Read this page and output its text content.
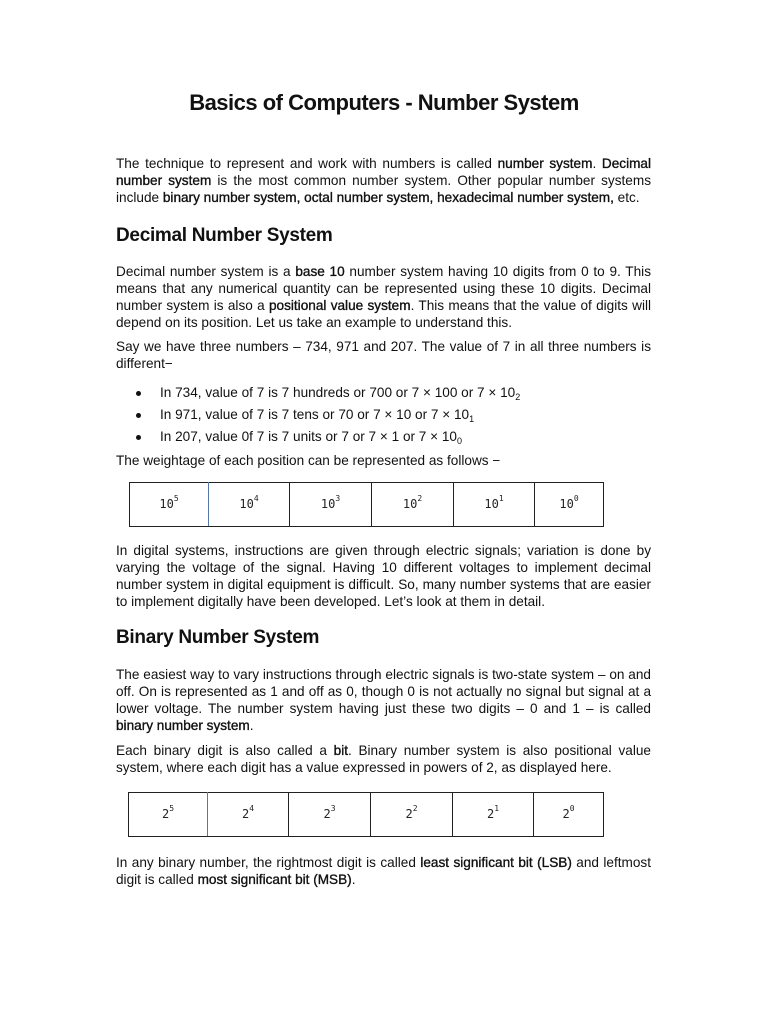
Basics of Computers - Number System

The technique to represent and work with numbers is called number system. Decimal number system is the most common number system. Other popular number systems include binary number system, octal number system, hexadecimal number system, etc.

Decimal Number System

Decimal number system is a base 10 number system having 10 digits from 0 to 9. This means that any numerical quantity can be represented using these 10 digits. Decimal number system is also a positional value system. This means that the value of digits will depend on its position. Let us take an example to understand this.

Say we have three numbers – 734, 971 and 207. The value of 7 in all three numbers is different−

In 734, value of 7 is 7 hundreds or 700 or 7 × 100 or $7 \times 10_2$
In 971, value of 7 is 7 tens or 70 or 7 × 10 or $7 \times 10_1$
In 207, value 0f 7 is 7 units or 7 or 7 × 1 or $7 \times 10_0$

The weightage of each position can be represented as follows −

$10^5$	$10^4$	$10^3$	$10^2$	$10^1$	$10^0$

In digital systems, instructions are given through electric signals; variation is done by varying the voltage of the signal. Having 10 different voltages to implement decimal number system in digital equipment is difficult. So, many number systems that are easier to implement digitally have been developed. Let’s look at them in detail.

Binary Number System

The easiest way to vary instructions through electric signals is two-state system – on and off. On is represented as 1 and off as 0, though 0 is not actually no signal but signal at a lower voltage. The number system having just these two digits – 0 and 1 – is called binary number system.

Each binary digit is also called a bit. Binary number system is also positional value system, where each digit has a value expressed in powers of 2, as displayed here.

$2^5$	$2^4$	$2^3$	$2^2$	$2^1$	$2^0$

In any binary number, the rightmost digit is called least significant bit (LSB) and leftmost digit is called most significant bit (MSB).
